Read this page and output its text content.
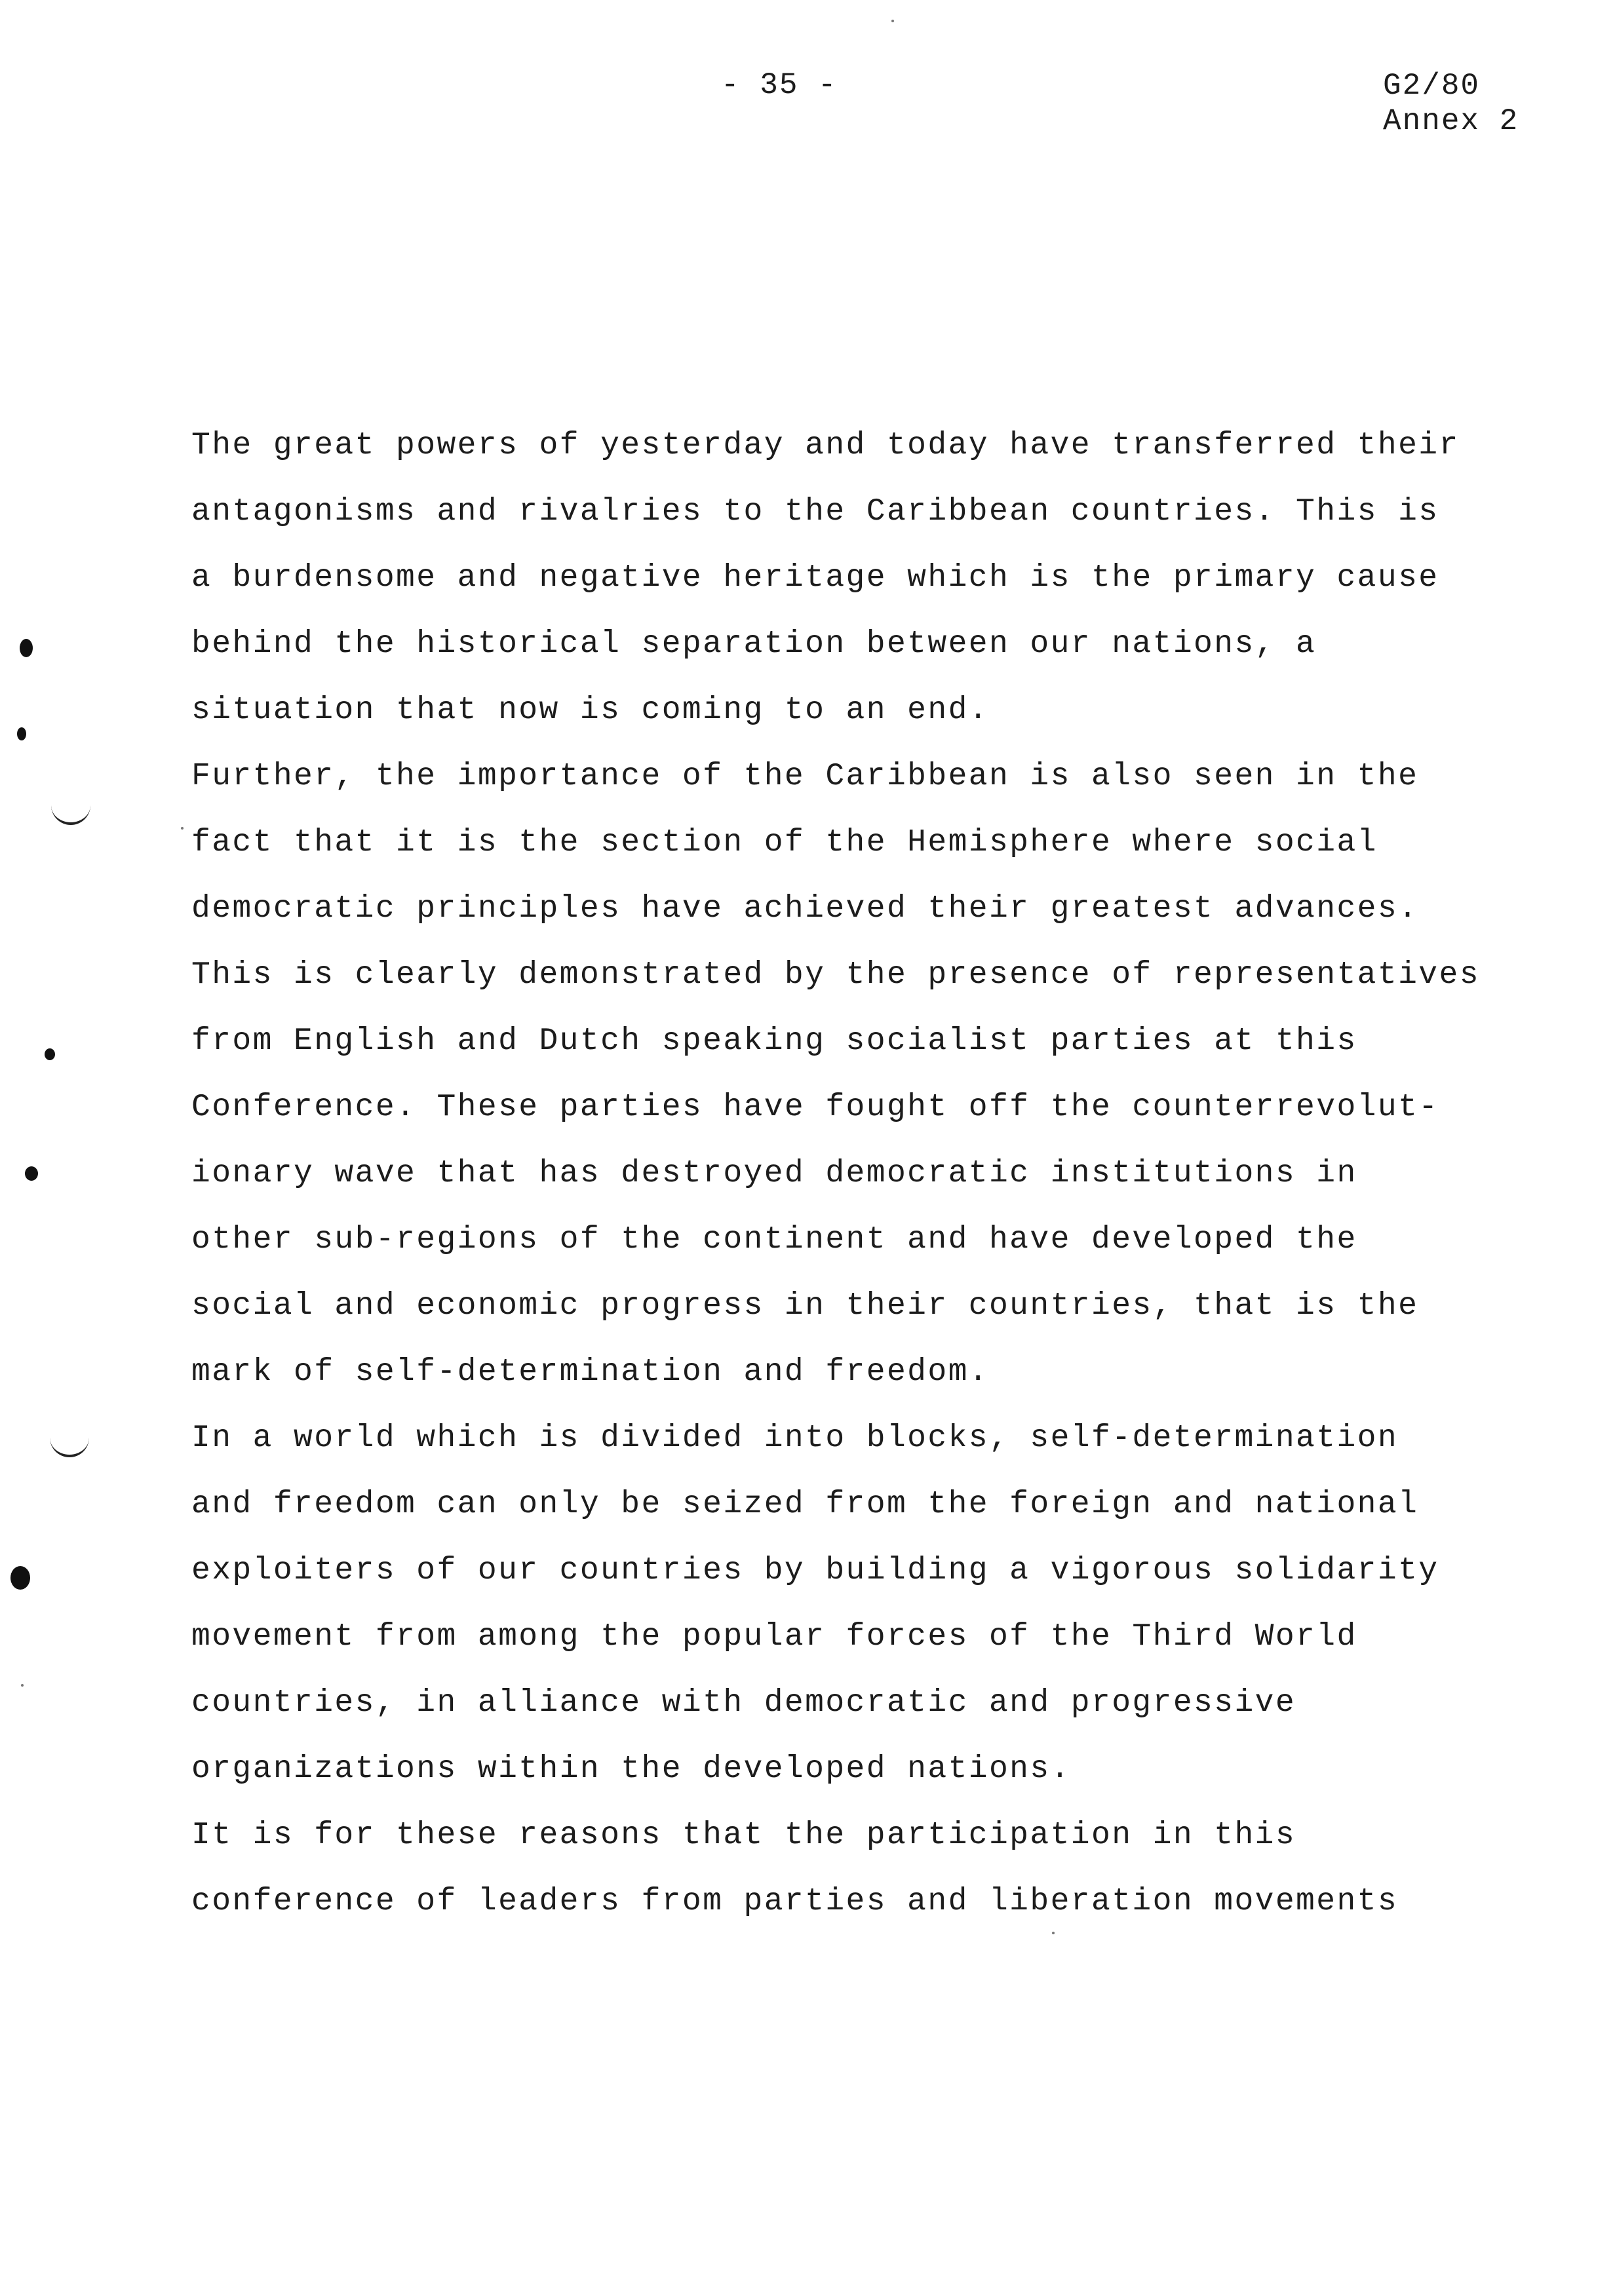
- 35 -	G2/80
Annex 2
The great powers of yesterday and today have transferred their
antagonisms and rivalries to the Caribbean countries. This is
a burdensome and negative heritage which is the primary cause
behind the historical separation between our nations, a
situation that now is coming to an end.
Further, the importance of the Caribbean is also seen in the
fact that it is the section of the Hemisphere where social
democratic principles have achieved their greatest advances.
This is clearly demonstrated by the presence of representatives
from English and Dutch speaking socialist parties at this
Conference. These parties have fought off the counterrevolut-
ionary wave that has destroyed democratic institutions in
other sub-regions of the continent and have developed the
social and economic progress in their countries, that is the
mark of self-determination and freedom.
In a world which is divided into blocks, self-determination
and freedom can only be seized from the foreign and national
exploiters of our countries by building a vigorous solidarity
movement from among the popular forces of the Third World
countries, in alliance with democratic and progressive
organizations within the developed nations.
It is for these reasons that the participation in this
conference of leaders from parties and liberation movements
